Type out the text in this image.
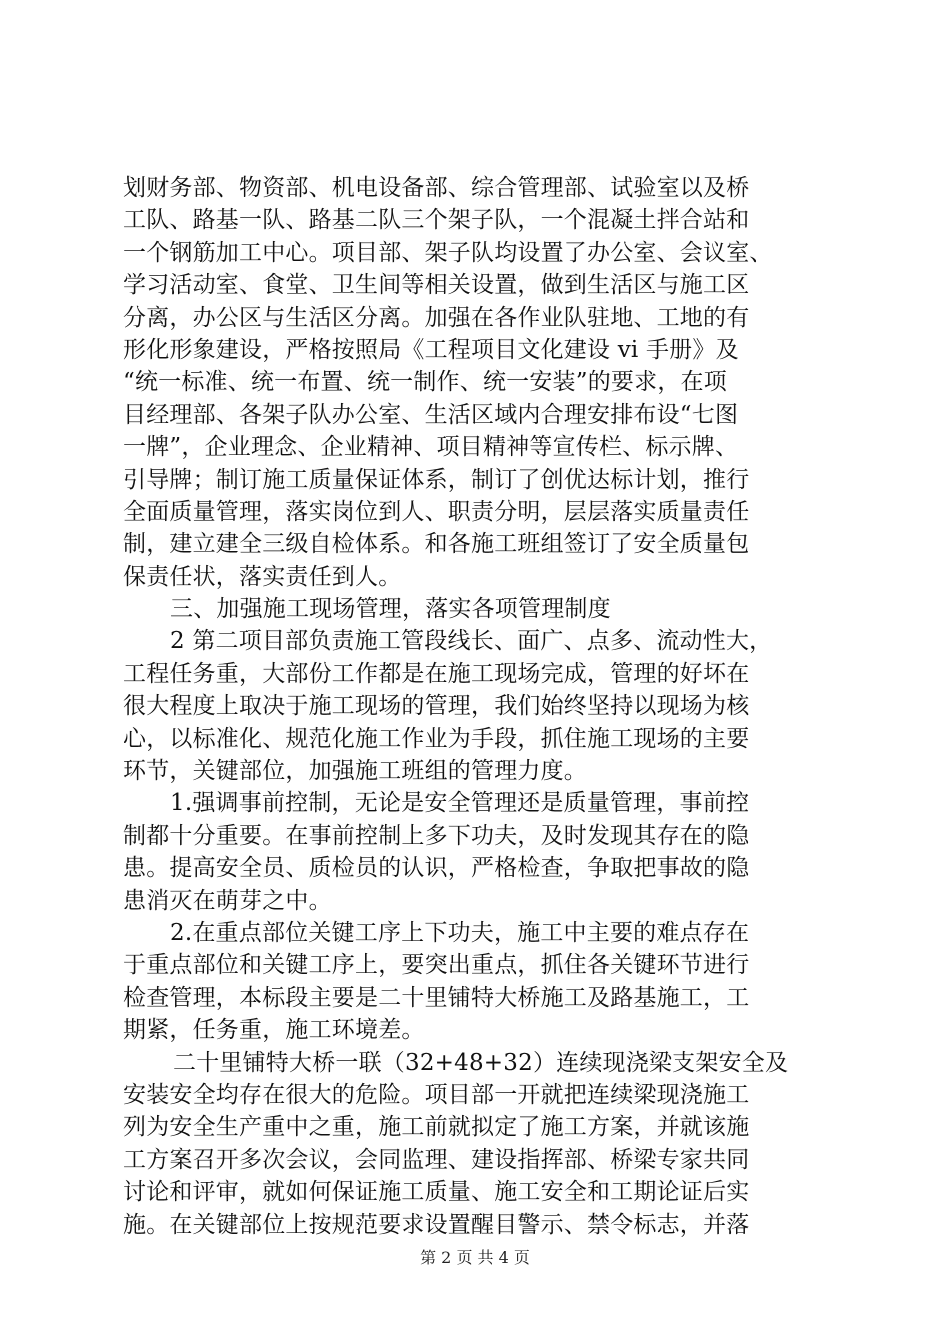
划财务部、物资部、机电设备部、综合管理部、试验室以及桥
工队、路基一队、路基二队三个架子队，一个混凝土拌合站和
一个钢筋加工中心。项目部、架子队均设置了办公室、会议室、
学习活动室、食堂、卫生间等相关设置，做到生活区与施工区
分离，办公区与生活区分离。加强在各作业队驻地、工地的有
形化形象建设，严格按照局《工程项目文化建设 vi 手册》及
“统一标准、统一布置、统一制作、统一安装”的要求，在项
目经理部、各架子队办公室、生活区域内合理安排布设“七图
一牌”，企业理念、企业精神、项目精神等宣传栏、标示牌、
引导牌；制订施工质量保证体系，制订了创优达标计划，推行
全面质量管理，落实岗位到人、职责分明，层层落实质量责任
制，建立建全三级自检体系。和各施工班组签订了安全质量包
保责任状，落实责任到人。
三、加强施工现场管理，落实各项管理制度
2 第二项目部负责施工管段线长、面广、点多、流动性大，
工程任务重，大部份工作都是在施工现场完成，管理的好坏在
很大程度上取决于施工现场的管理，我们始终坚持以现场为核
心，以标准化、规范化施工作业为手段，抓住施工现场的主要
环节，关键部位，加强施工班组的管理力度。
1.强调事前控制，无论是安全管理还是质量管理，事前控
制都十分重要。在事前控制上多下功夫，及时发现其存在的隐
患。提高安全员、质检员的认识，严格检查，争取把事故的隐
患消灭在萌芽之中。
2.在重点部位关键工序上下功夫，施工中主要的难点存在
于重点部位和关键工序上，要突出重点，抓住各关键环节进行
检查管理，本标段主要是二十里铺特大桥施工及路基施工，工
期紧，任务重，施工环境差。
二十里铺特大桥一联（32+48+32）连续现浇梁支架安全及
安装安全均存在很大的危险。项目部一开就把连续梁现浇施工
列为安全生产重中之重，施工前就拟定了施工方案，并就该施
工方案召开多次会议，会同监理、建设指挥部、桥梁专家共同
讨论和评审，就如何保证施工质量、施工安全和工期论证后实
施。在关键部位上按规范要求设置醒目警示、禁令标志，并落
第 2 页 共 4 页
